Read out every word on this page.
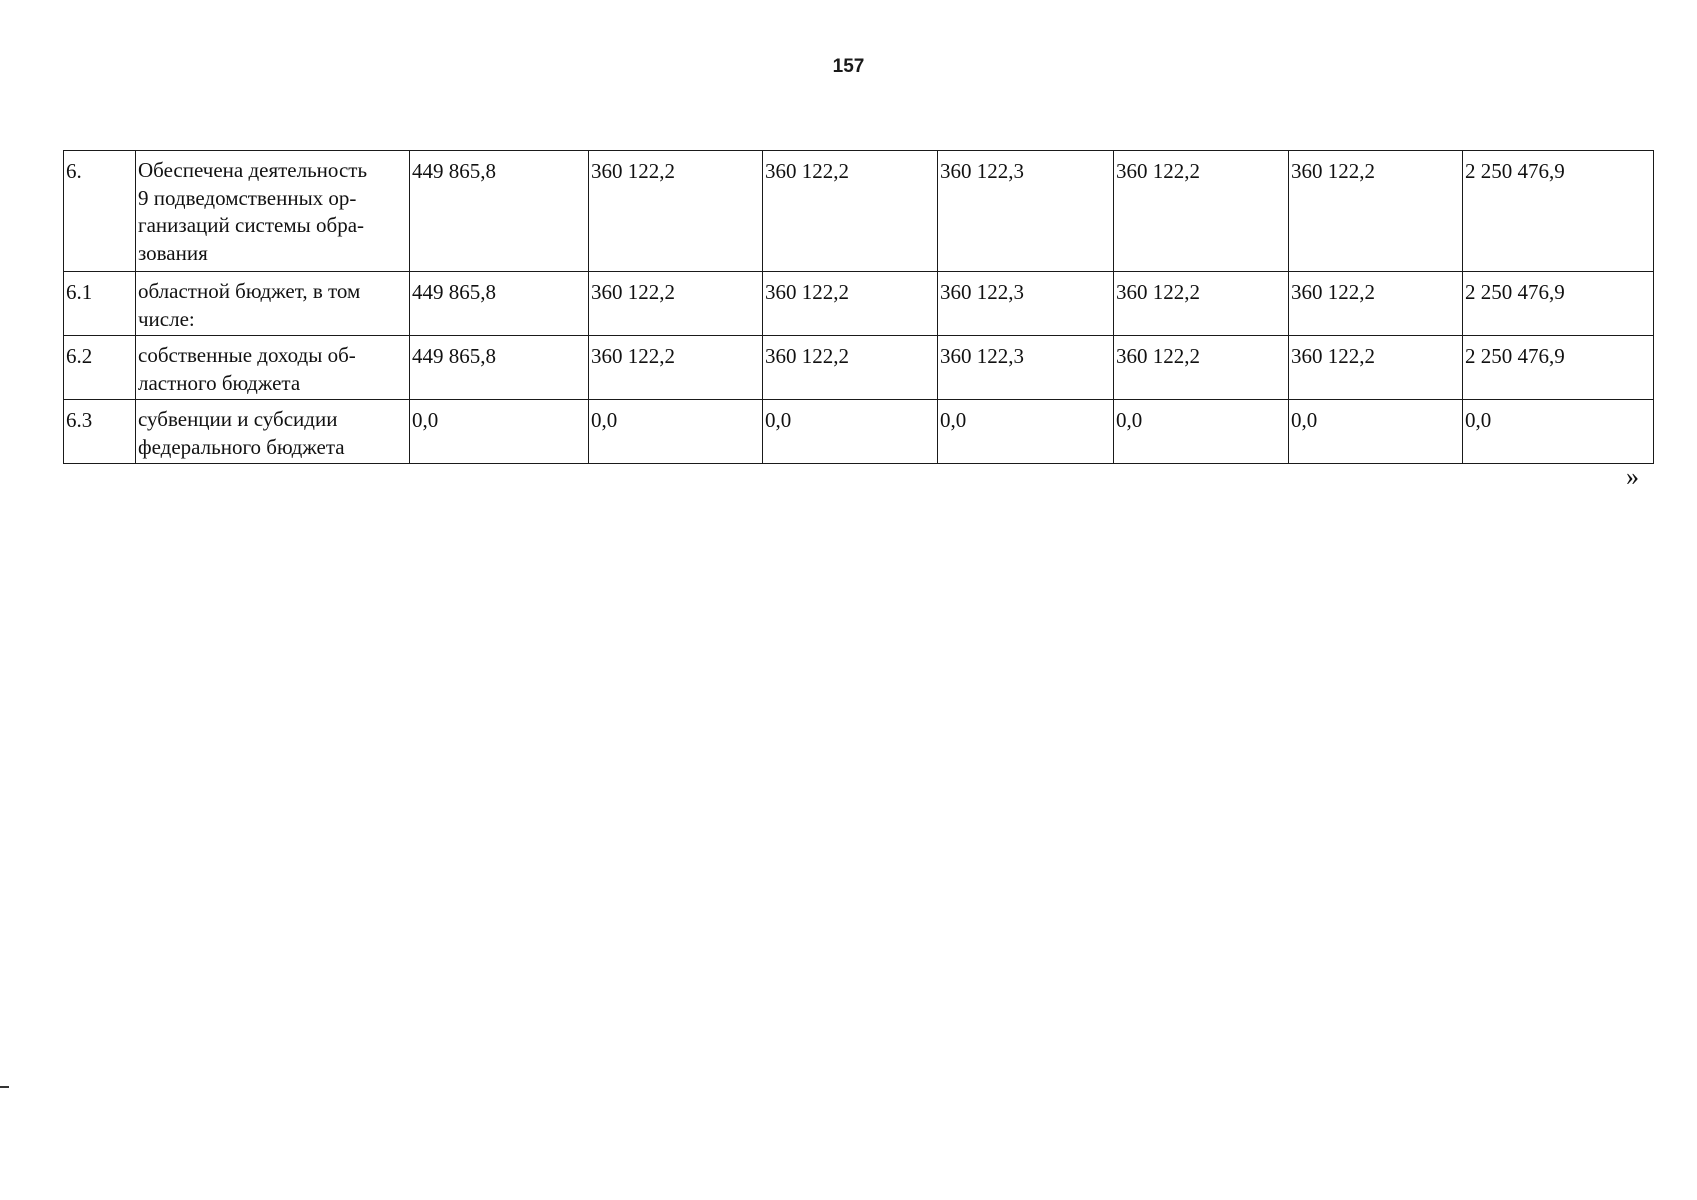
157
6.	Обеспечена деятельность
9 подведомственных ор-
ганизаций системы обра-
зования	449 865,8	360 122,2	360 122,2	360 122,3	360 122,2	360 122,2	2 250 476,9
6.1	областной бюджет, в том
числе:	449 865,8	360 122,2	360 122,2	360 122,3	360 122,2	360 122,2	2 250 476,9
6.2	собственные доходы об-
ластного бюджета	449 865,8	360 122,2	360 122,2	360 122,3	360 122,2	360 122,2	2 250 476,9
6.3	субвенции и субсидии
федерального бюджета	0,0	0,0	0,0	0,0	0,0	0,0	0,0
»
